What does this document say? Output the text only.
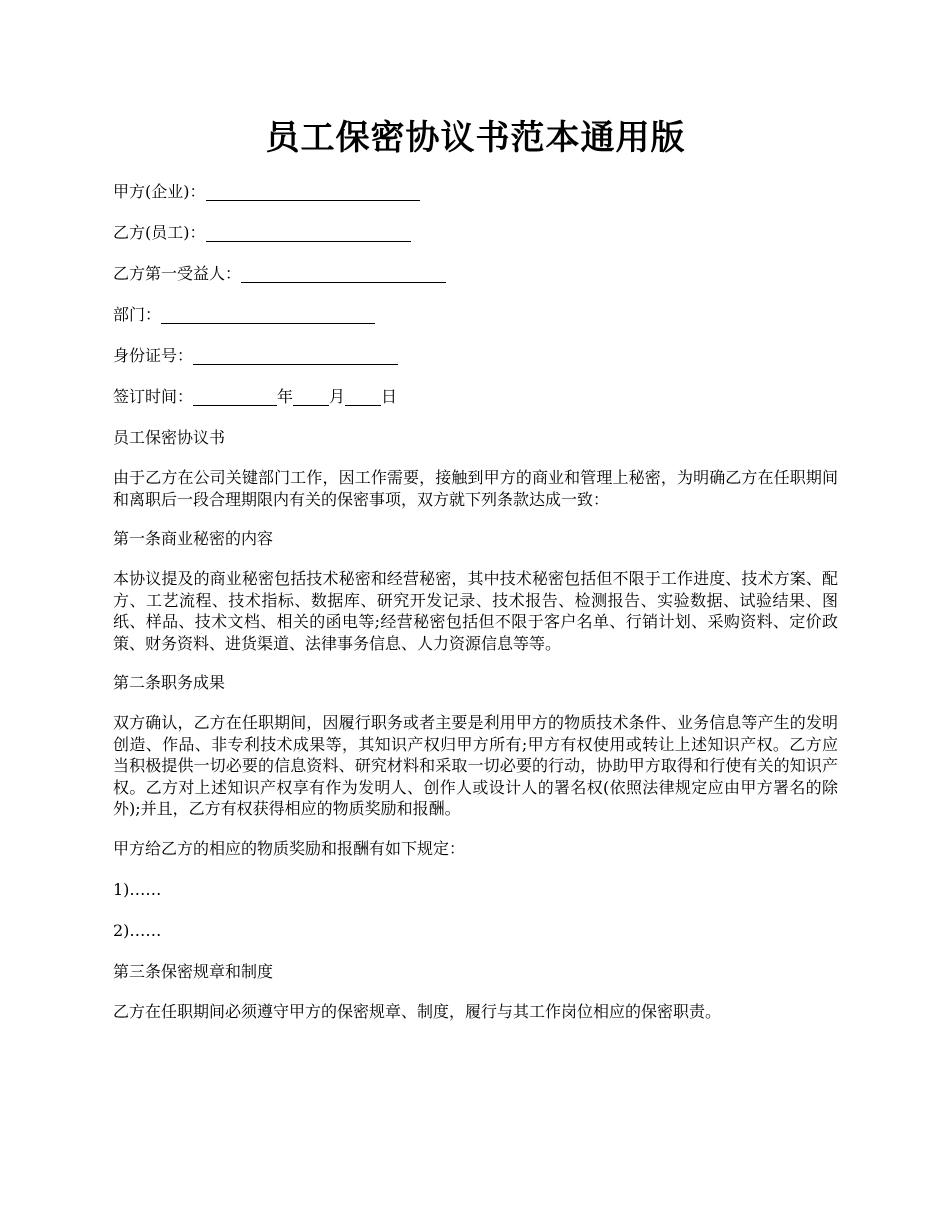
员工保密协议书范本通用版
甲方(企业)：
乙方(员工)：
乙方第一受益人：
部门：
身份证号：
签订时间：	年 月 日

员工保密协议书

由于乙方在公司关键部门工作，因工作需要，接触到甲方的商业和管理上秘密，为明确乙方在任职期间和离职后一段合理期限内有关的保密事项，双方就下列条款达成一致：

第一条商业秘密的内容

本协议提及的商业秘密包括技术秘密和经营秘密，其中技术秘密包括但不限于工作进度、技术方案、配方、工艺流程、技术指标、数据库、研究开发记录、技术报告、检测报告、实验数据、试验结果、图纸、样品、技术文档、相关的函电等;经营秘密包括但不限于客户名单、行销计划、采购资料、定价政策、财务资料、进货渠道、法律事务信息、人力资源信息等等。

第二条职务成果

双方确认，乙方在任职期间，因履行职务或者主要是利用甲方的物质技术条件、业务信息等产生的发明创造、作品、非专利技术成果等，其知识产权归甲方所有;甲方有权使用或转让上述知识产权。乙方应当积极提供一切必要的信息资料、研究材料和采取一切必要的行动，协助甲方取得和行使有关的知识产权。乙方对上述知识产权享有作为发明人、创作人或设计人的署名权(依照法律规定应由甲方署名的除外);并且，乙方有权获得相应的物质奖励和报酬。

甲方给乙方的相应的物质奖励和报酬有如下规定：

1)……

2)……

第三条保密规章和制度

乙方在任职期间必须遵守甲方的保密规章、制度，履行与其工作岗位相应的保密职责。
